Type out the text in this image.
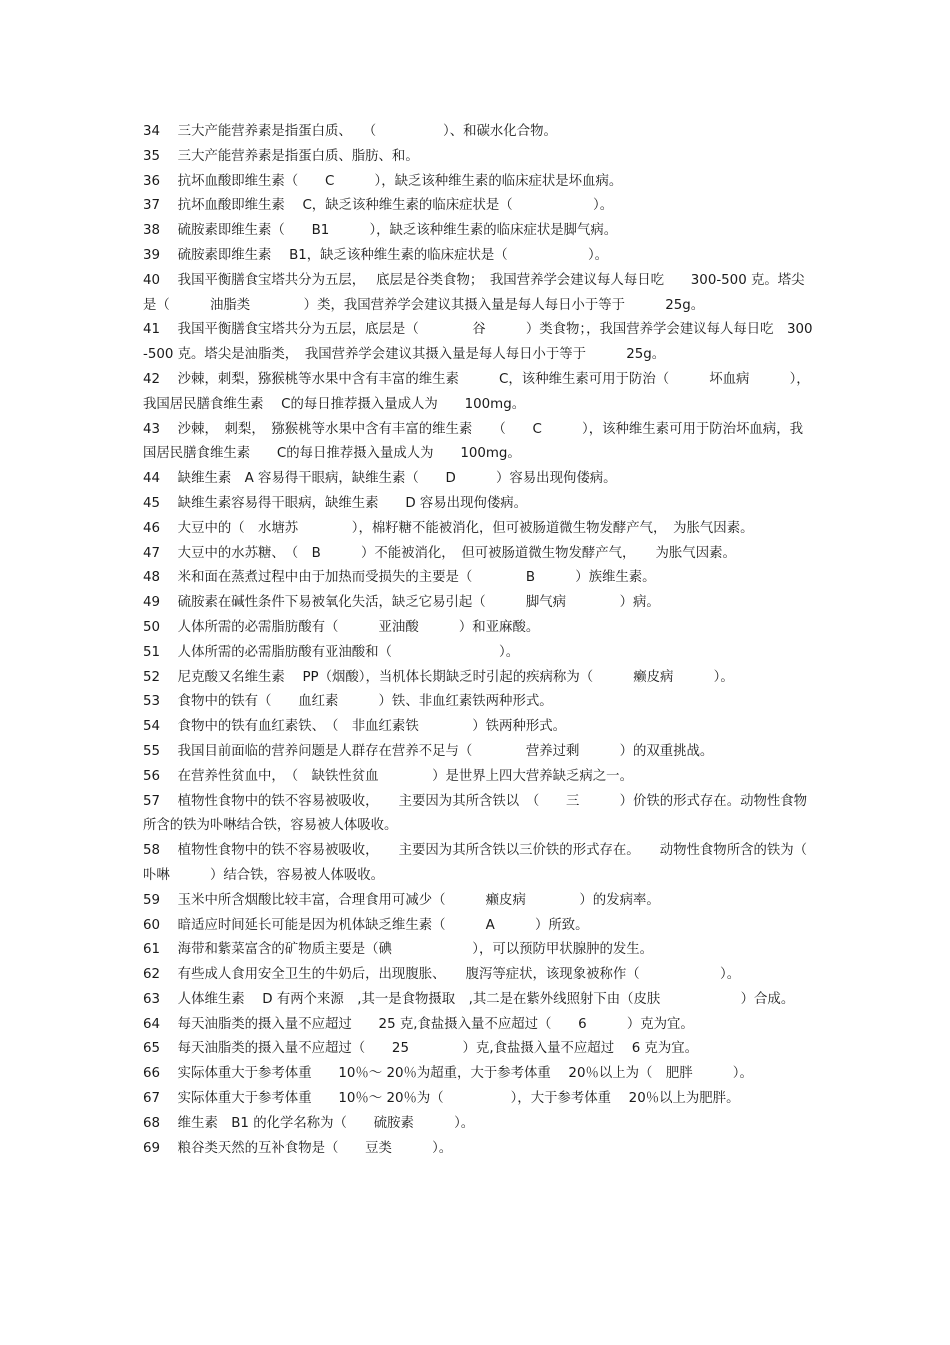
34　 三大产能营养素是指蛋白质、　 （　　　　　）、和碳水化合物。

35　 三大产能营养素是指蛋白质、脂肪、和。

36　 抗坏血酸即维生素（　　C　　　），缺乏该种维生素的临床症状是坏血病。

37　 抗坏血酸即维生素　 C，缺乏该种维生素的临床症状是（　　　　　　）。

38　 硫胺素即维生素（　　B1　　　），缺乏该种维生素的临床症状是脚气病。

39　 硫胺素即维生素　 B1，缺乏该种维生素的临床症状是（　　　　　　）。

40　 我国平衡膳食宝塔共分为五层，　 底层是谷类食物；　我国营养学会建议每人每日吃　　300-500 克。塔尖是（　　　油脂类　　　　）类，我国营养学会建议其摄入量是每人每日小于等于　　　25g。

41　 我国平衡膳食宝塔共分为五层，底层是（　　　　谷　　　）类食物；，我国营养学会建议每人每日吃　300-500 克。塔尖是油脂类，　我国营养学会建议其摄入量是每人每日小于等于　　　25g。

42　 沙棘，刺梨，猕猴桃等水果中含有丰富的维生素　　　C，该种维生素可用于防治（　　　坏血病　　　），我国居民膳食维生素　 C的每日推荐摄入量成人为　　100mg。

43　 沙棘，　刺梨，　猕猴桃等水果中含有丰富的维生素　　（　　C　　　），该种维生素可用于防治坏血病，我国居民膳食维生素　　C的每日推荐摄入量成人为　　100mg。

44　 缺维生素　A 容易得干眼病，缺维生素（　　D　　　）容易出现佝偻病。

45　 缺维生素容易得干眼病，缺维生素　　D 容易出现佝偻病。

46　 大豆中的（　水塘苏　　　　），棉籽糖不能被消化，但可被肠道微生物发酵产气，　为胀气因素。

47　 大豆中的水苏糖、　（　B　　　）不能被消化，　但可被肠道微生物发酵产气，　　为胀气因素。

48　 米和面在蒸煮过程中由于加热而受损失的主要是（　　　　B　　　）族维生素。

49　 硫胺素在碱性条件下易被氧化失活，缺乏它易引起（　　　脚气病　　　　）病。

50　 人体所需的必需脂肪酸有（　　　亚油酸　　　）和亚麻酸。

51　 人体所需的必需脂肪酸有亚油酸和（　　　　　　　　）。

52　 尼克酸又名维生素　 PP（烟酸），当机体长期缺乏时引起的疾病称为（　　　癞皮病　　　）。

53　 食物中的铁有（　　血红素　　　）铁、非血红素铁两种形式。

54　 食物中的铁有血红素铁、　（　非血红素铁　　　　）铁两种形式。

55　 我国目前面临的营养问题是人群存在营养不足与（　　　　营养过剩　　　）的双重挑战。

56　 在营养性贫血中，　（　缺铁性贫血　　　　）是世界上四大营养缺乏病之一。

57　 植物性食物中的铁不容易被吸收，　　主要因为其所含铁以　（　　三　　　）价铁的形式存在。动物性食物所含的铁为卟啉结合铁，容易被人体吸收。

58　 植物性食物中的铁不容易被吸收，　　主要因为其所含铁以三价铁的形式存在。　　动物性食物所含的铁为（　　卟啉　　　）结合铁，容易被人体吸收。

59　 玉米中所含烟酸比较丰富，合理食用可减少（　　　癞皮病　　　　）的发病率。

60　 暗适应时间延长可能是因为机体缺乏维生素（　　　A　　　）所致。

61　 海带和紫菜富含的矿物质主要是（碘　　　　　　），可以预防甲状腺肿的发生。

62　 有些成人食用安全卫生的牛奶后，出现腹胀、　　腹泻等症状，该现象被称作（　　　　　　）。

63　 人体维生素　 D 有两个来源　,其一是食物摄取　,其二是在紫外线照射下由（皮肤　　　　　　）合成。

64　 每天油脂类的摄入量不应超过　　25 克,食盐摄入量不应超过（　　6　　　）克为宜。

65　 每天油脂类的摄入量不应超过（　　25　　　　）克,食盐摄入量不应超过　 6 克为宜。

66　 实际体重大于参考体重　　10％～ 20％为超重，大于参考体重　 20％以上为（　肥胖　　　）。

67　 实际体重大于参考体重　　10％～ 20％为（　　　　　），大于参考体重　 20％以上为肥胖。

68　 维生素　B1 的化学名称为（　　硫胺素　　　）。

69　 粮谷类天然的互补食物是（　　豆类　　　）。
